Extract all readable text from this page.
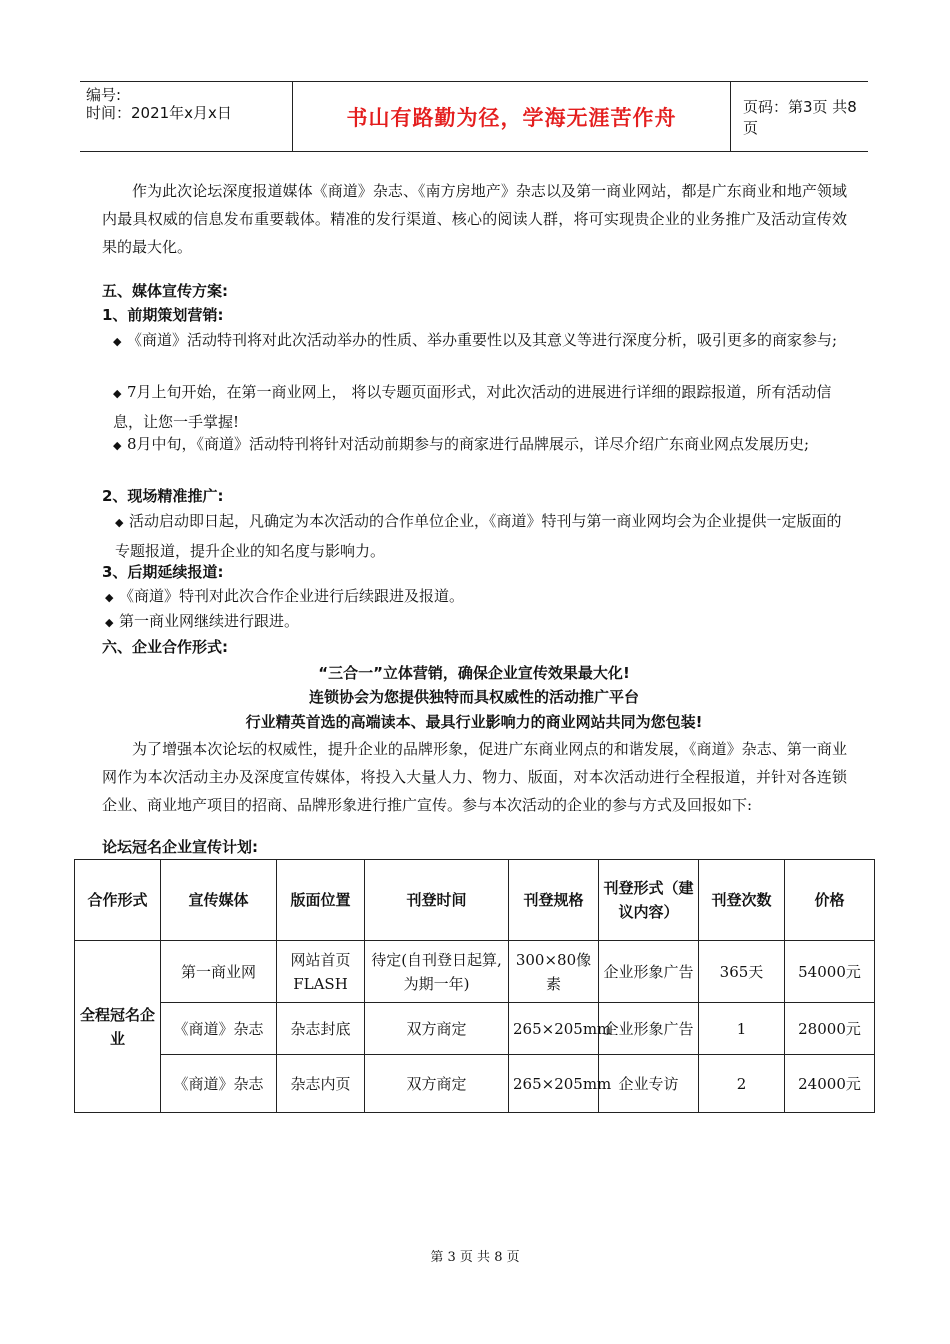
编号:
时间：2021年x月x日	书山有路勤为径，学海无涯苦作舟	页码：第3页 共8页
作为此次论坛深度报道媒体《商道》杂志、《南方房地产》杂志以及第一商业网站，都是广东商业和地产领域内最具权威的信息发布重要载体。精准的发行渠道、核心的阅读人群，将可实现贵企业的业务推广及活动宣传效果的最大化。
五、媒体宣传方案:
1、前期策划营销:
◆ 《商道》活动特刊将对此次活动举办的性质、举办重要性以及其意义等进行深度分析，吸引更多的商家参与;
◆ 7月上旬开始，在第一商业网上， 将以专题页面形式，对此次活动的进展进行详细的跟踪报道，所有活动信息，让您一手掌握!
◆ 8月中旬，《商道》活动特刊将针对活动前期参与的商家进行品牌展示，详尽介绍广东商业网点发展历史;
2、现场精准推广:
◆ 活动启动即日起，凡确定为本次活动的合作单位企业，《商道》特刊与第一商业网均会为企业提供一定版面的专题报道，提升企业的知名度与影响力。
3、后期延续报道:
◆ 《商道》特刊对此次合作企业进行后续跟进及报道。
◆ 第一商业网继续进行跟进。
六、企业合作形式:
“三合一”立体营销，确保企业宣传效果最大化!
连锁协会为您提供独特而具权威性的活动推广平台
行业精英首选的高端读本、最具行业影响力的商业网站共同为您包装!
为了增强本次论坛的权威性，提升企业的品牌形象，促进广东商业网点的和谐发展，《商道》杂志、第一商业网作为本次活动主办及深度宣传媒体，将投入大量人力、物力、版面，对本次活动进行全程报道，并针对各连锁企业、商业地产项目的招商、品牌形象进行推广宣传。参与本次活动的企业的参与方式及回报如下:
论坛冠名企业宣传计划:
合作形式	宣传媒体	版面位置	刊登时间	刊登规格	刊登形式（建议内容）	刊登次数	价格
全程冠名企业	第一商业网	网站首页FLASH	待定(自刊登日起算,为期一年)	300×80像素	企业形象广告	365天	54000元
	《商道》杂志	杂志封底	双方商定	265×205mm	企业形象广告	1	28000元
	《商道》杂志	杂志内页	双方商定	265×205mm	企业专访	2	24000元
第 3 页 共 8 页
